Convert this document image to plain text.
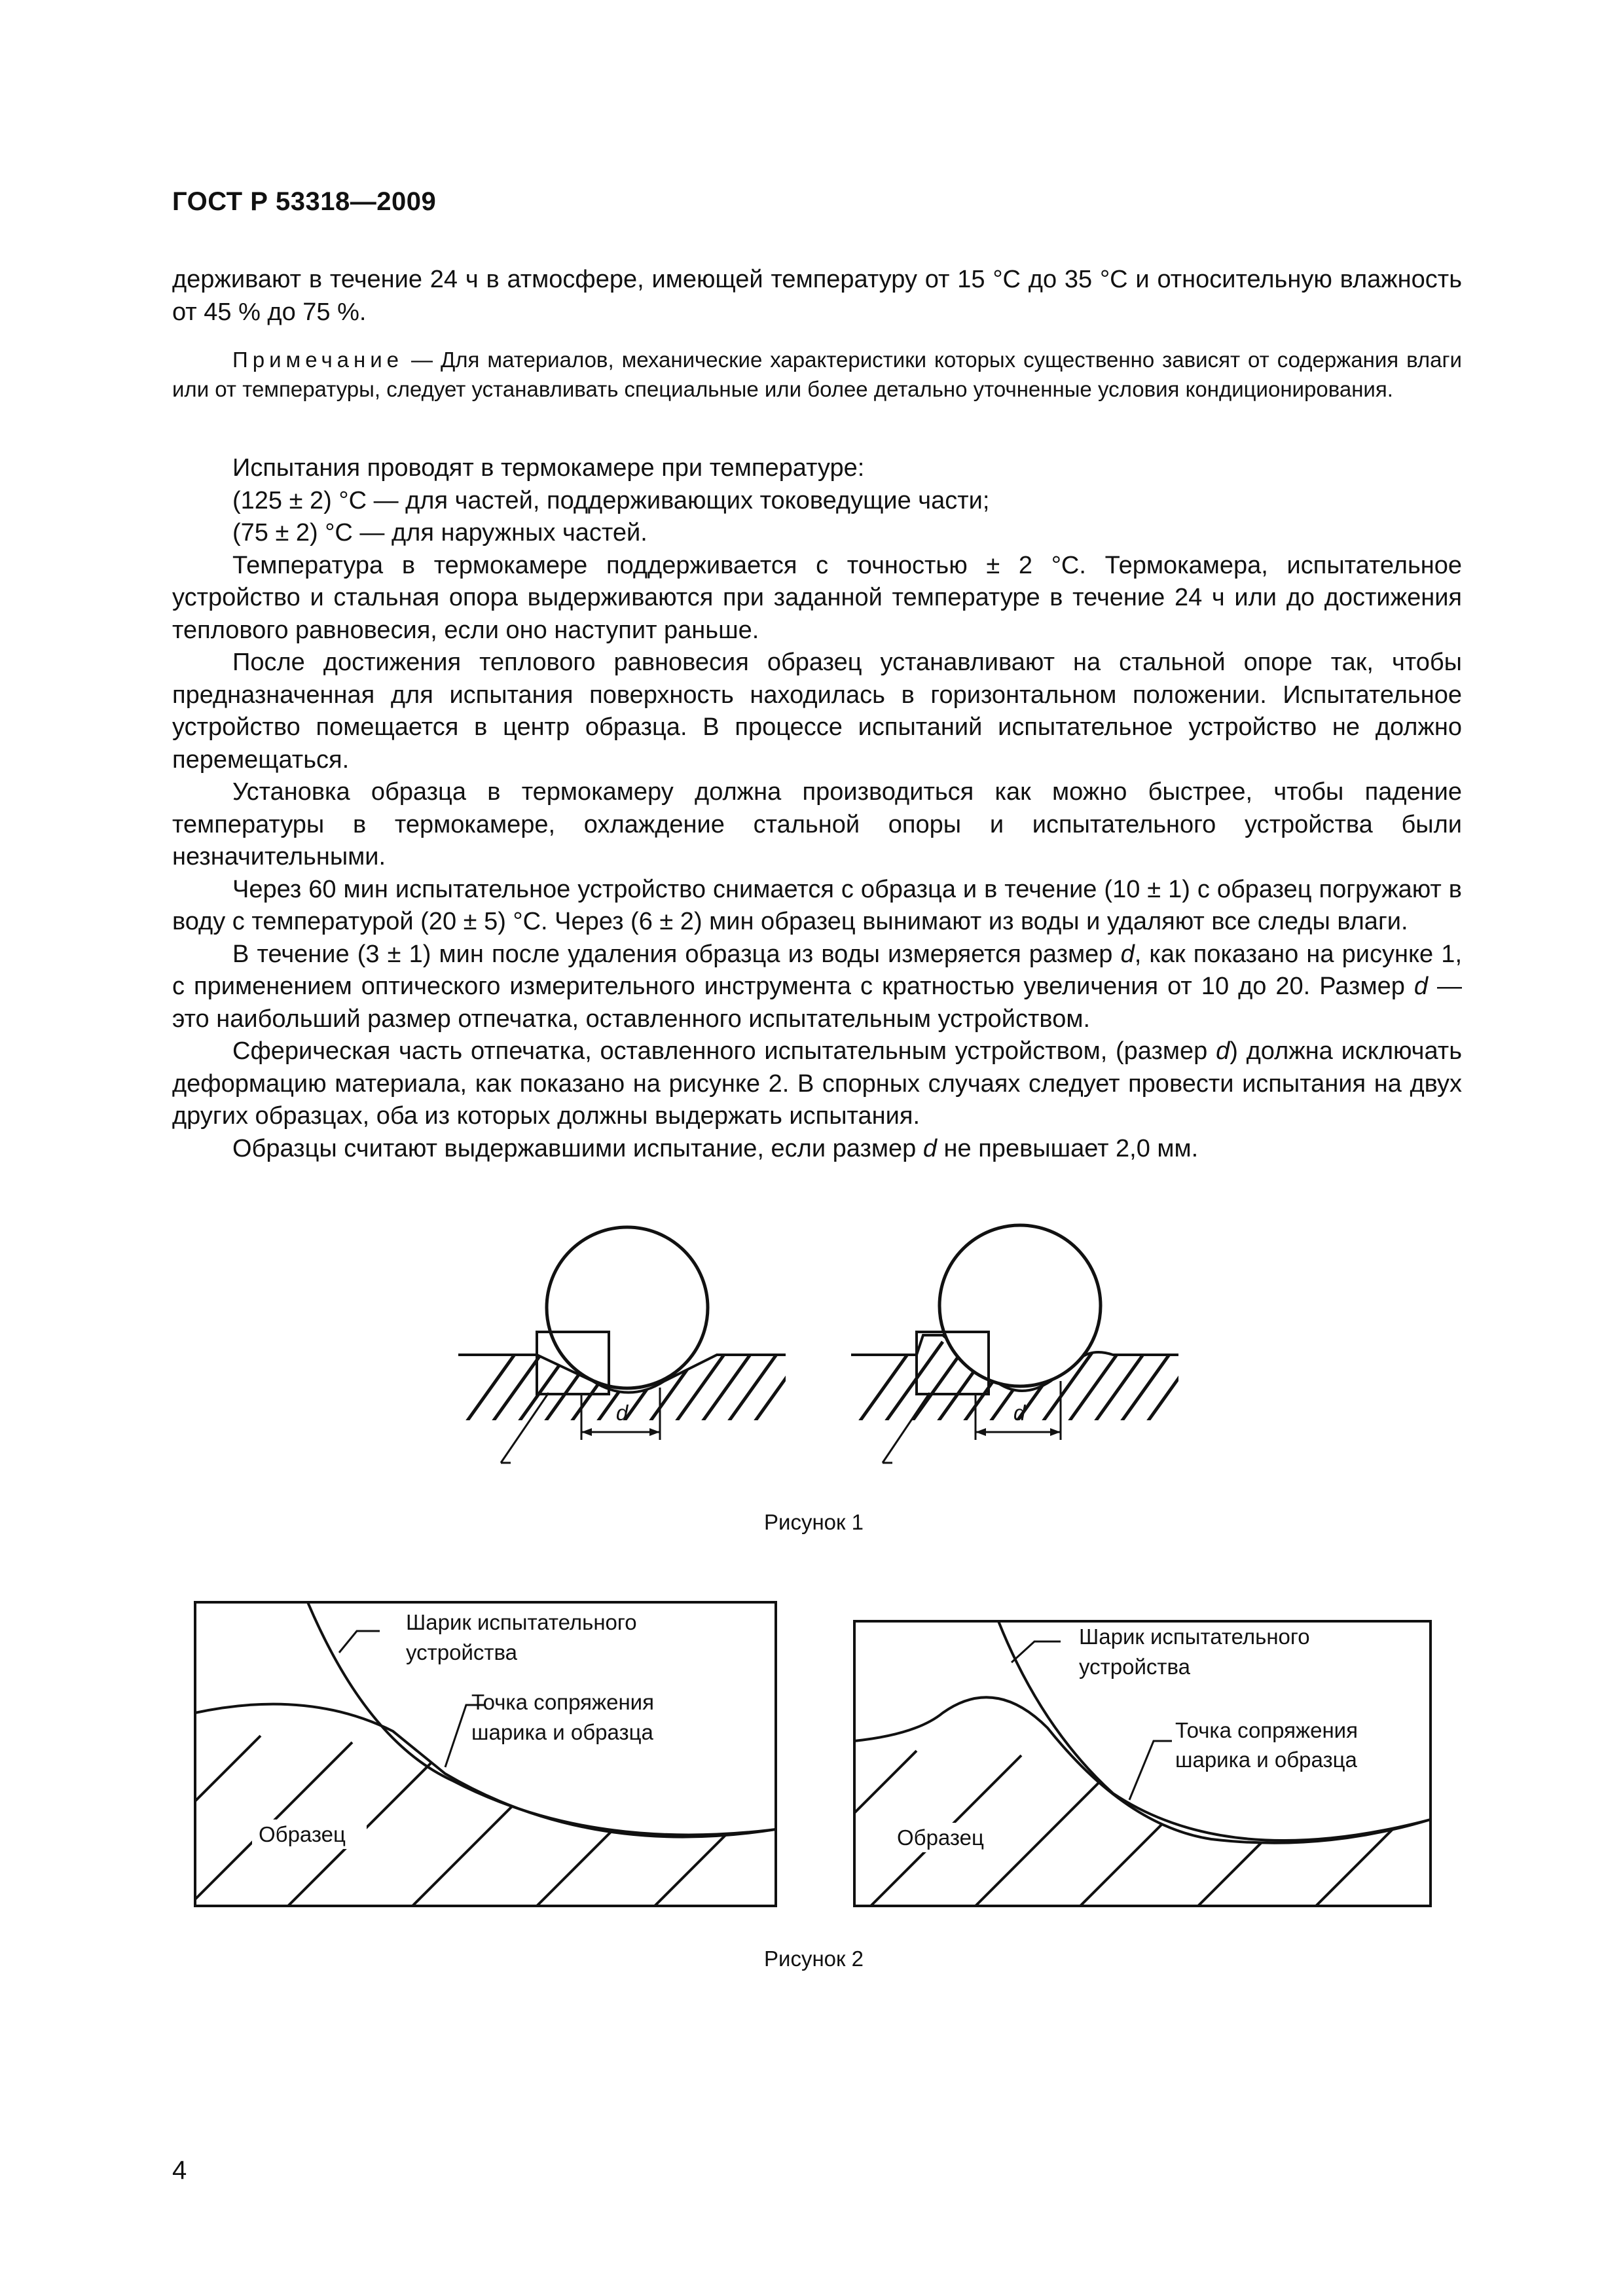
ГОСТ Р 53318—2009

держивают в течение 24 ч в атмосфере, имеющей температуру от 15 °С до 35 °С и относительную влажность от 45 % до 75 %.

Примечание — Для материалов, механические характеристики которых существенно зависят от содержания влаги или от температуры, следует устанавливать специальные или более детально уточненные условия кондиционирования.

Испытания проводят в термокамере при температуре:

(125 ± 2) °С — для частей, поддерживающих токоведущие части;

(75 ± 2) °С — для наружных частей.

Температура в термокамере поддерживается с точностью ± 2 °С. Термокамера, испытательное устройство и стальная опора выдерживаются при заданной температуре в течение 24 ч или до достижения теплового равновесия, если оно наступит раньше.

После достижения теплового равновесия образец устанавливают на стальной опоре так, чтобы предназначенная для испытания поверхность находилась в горизонтальном положении. Испытательное устройство помещается в центр образца. В процессе испытаний испытательное устройство не должно перемещаться.

Установка образца в термокамеру должна производиться как можно быстрее, чтобы падение температуры в термокамере, охлаждение стальной опоры и испытательного устройства были незначительными.

Через 60 мин испытательное устройство снимается с образца и в течение (10 ± 1) с образец погружают в воду с температурой (20 ± 5) °С. Через (6 ± 2) мин образец вынимают из воды и удаляют все следы влаги.

В течение (3 ± 1) мин после удаления образца из воды измеряется размер d, как показано на рисунке 1, с применением оптического измерительного инструмента с кратностью увеличения от 10 до 20. Размер d — это наибольший размер отпечатка, оставленного испытательным устройством.

Сферическая часть отпечатка, оставленного испытательным устройством, (размер d) должна исключать деформацию материала, как показано на рисунке 2. В спорных случаях следует провести испытания на двух других образцах, оба из которых должны выдержать испытания.

Образцы считают выдержавшими испытание, если размер d не превышает 2,0 мм.

d	d
Рисунок 1
Шарик испытательного
устройства
Точка сопряжения
шарика и образца
Образец
Шарик испытательного
устройства
Точка сопряжения
шарика и образца
Образец
Рисунок 2
4
